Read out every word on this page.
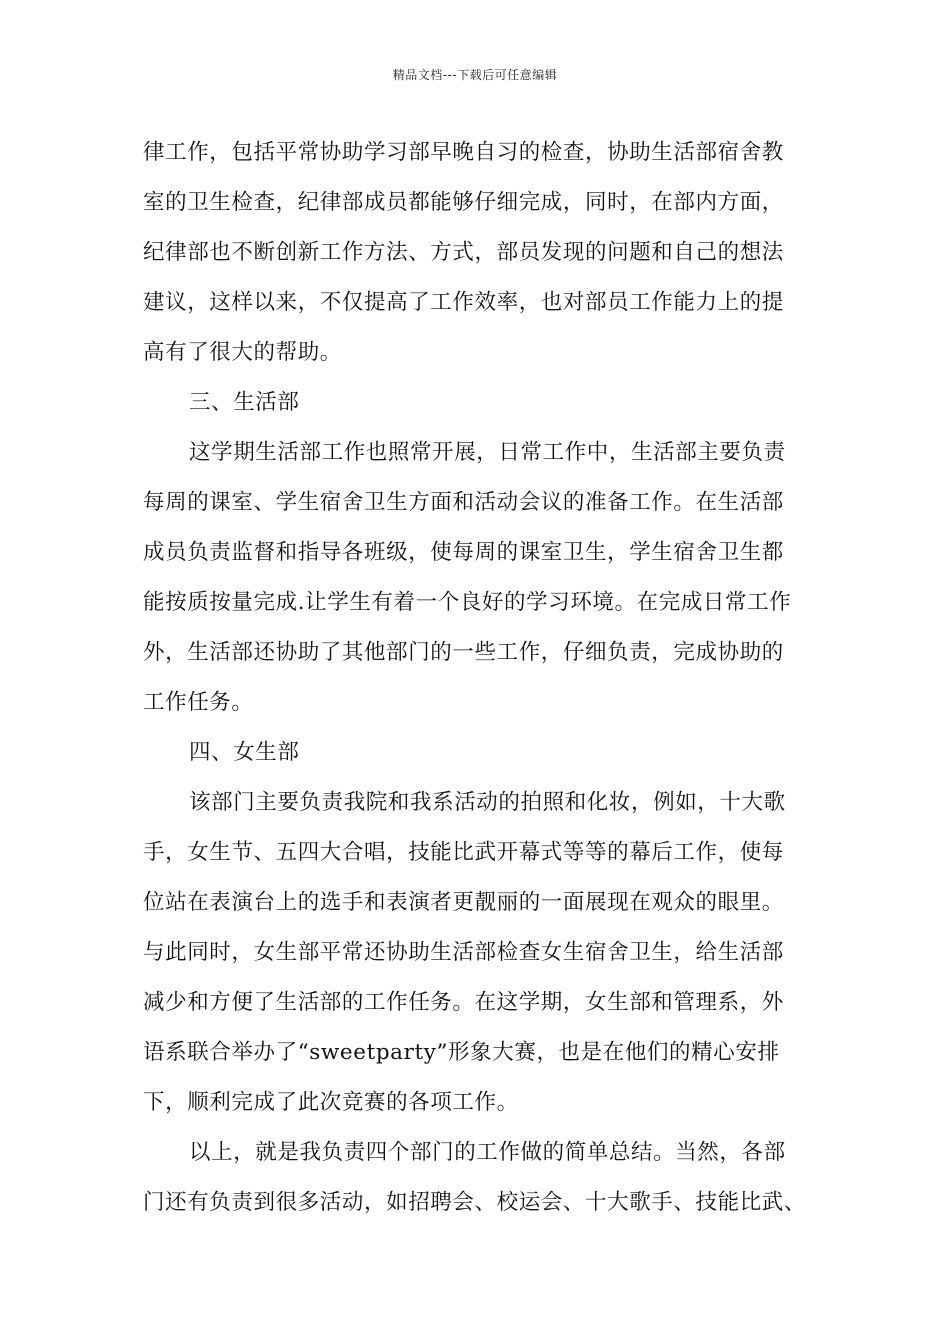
精品文档---下载后可任意编辑
律工作，包括平常协助学习部早晚自习的检查，协助生活部宿舍教
室的卫生检查，纪律部成员都能够仔细完成，同时，在部内方面，
纪律部也不断创新工作方法、方式，部员发现的问题和自己的想法
建议，这样以来，不仅提高了工作效率，也对部员工作能力上的提
高有了很大的帮助。
三、生活部
这学期生活部工作也照常开展，日常工作中，生活部主要负责
每周的课室、学生宿舍卫生方面和活动会议的准备工作。在生活部
成员负责监督和指导各班级，使每周的课室卫生，学生宿舍卫生都
能按质按量完成.让学生有着一个良好的学习环境。在完成日常工作
外，生活部还协助了其他部门的一些工作，仔细负责，完成协助的
工作任务。
四、女生部
该部门主要负责我院和我系活动的拍照和化妆，例如，十大歌
手，女生节、五四大合唱，技能比武开幕式等等的幕后工作，使每
位站在表演台上的选手和表演者更靓丽的一面展现在观众的眼里。
与此同时，女生部平常还协助生活部检查女生宿舍卫生，给生活部
减少和方便了生活部的工作任务。在这学期，女生部和管理系，外
语系联合举办了“sweetparty”形象大赛，也是在他们的精心安排
下，顺利完成了此次竞赛的各项工作。
以上，就是我负责四个部门的工作做的简单总结。当然，各部
门还有负责到很多活动，如招聘会、校运会、十大歌手、技能比武、
